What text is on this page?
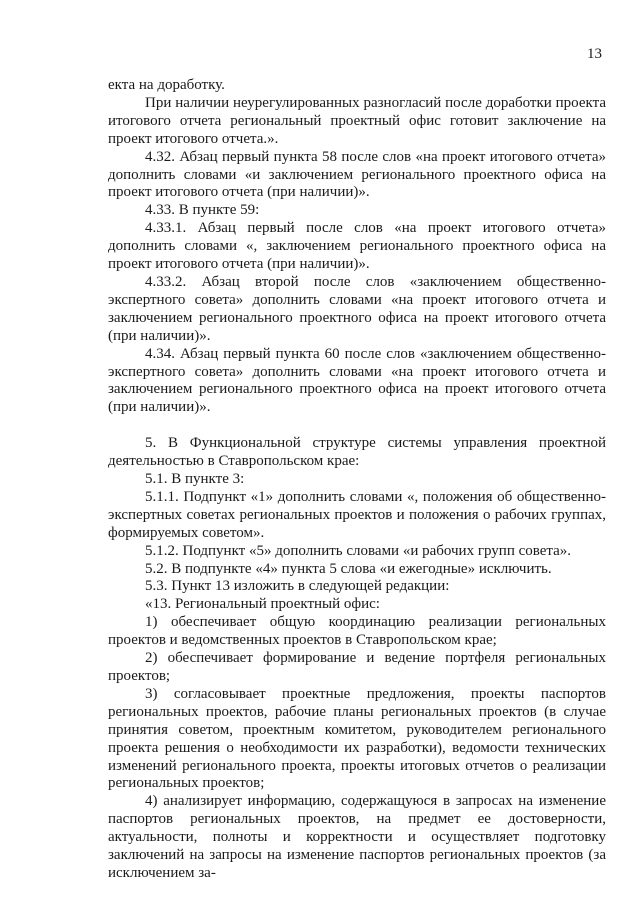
13

екта на доработку.

При наличии неурегулированных разногласий после доработки проекта итогового отчета региональный проектный офис готовит заключение на проект итогового отчета.».

4.32. Абзац первый пункта 58 после слов «на проект итогового отчета» дополнить словами «и заключением регионального проектного офиса на проект итогового отчета (при наличии)».

4.33. В пункте 59:

4.33.1. Абзац первый после слов «на проект итогового отчета» дополнить словами «, заключением регионального проектного офиса на проект итогового отчета (при наличии)».

4.33.2. Абзац второй после слов «заключением общественно-экспертного совета» дополнить словами «на проект итогового отчета и заключением регионального проектного офиса на проект итогового отчета (при наличии)».

4.34. Абзац первый пункта 60 после слов «заключением общественно-экспертного совета» дополнить словами «на проект итогового отчета и заключением регионального проектного офиса на проект итогового отчета (при наличии)».

5. В Функциональной структуре системы управления проектной деятельностью в Ставропольском крае:

5.1. В пункте 3:

5.1.1. Подпункт «1» дополнить словами «, положения об общественно-экспертных советах региональных проектов и положения о рабочих группах, формируемых советом».

5.1.2. Подпункт «5» дополнить словами «и рабочих групп совета».

5.2. В подпункте «4» пункта 5 слова «и ежегодные» исключить.

5.3. Пункт 13 изложить в следующей редакции:

«13. Региональный проектный офис:

1) обеспечивает общую координацию реализации региональных проектов и ведомственных проектов в Ставропольском крае;

2) обеспечивает формирование и ведение портфеля региональных проектов;

3) согласовывает проектные предложения, проекты паспортов региональных проектов, рабочие планы региональных проектов (в случае принятия советом, проектным комитетом, руководителем регионального проекта решения о необходимости их разработки), ведомости технических изменений регионального проекта, проекты итоговых отчетов о реализации региональных проектов;

4) анализирует информацию, содержащуюся в запросах на изменение паспортов региональных проектов, на предмет ее достоверности, актуальности, полноты и корректности и осуществляет подготовку заключений на запросы на изменение паспортов региональных проектов (за исключением за-
